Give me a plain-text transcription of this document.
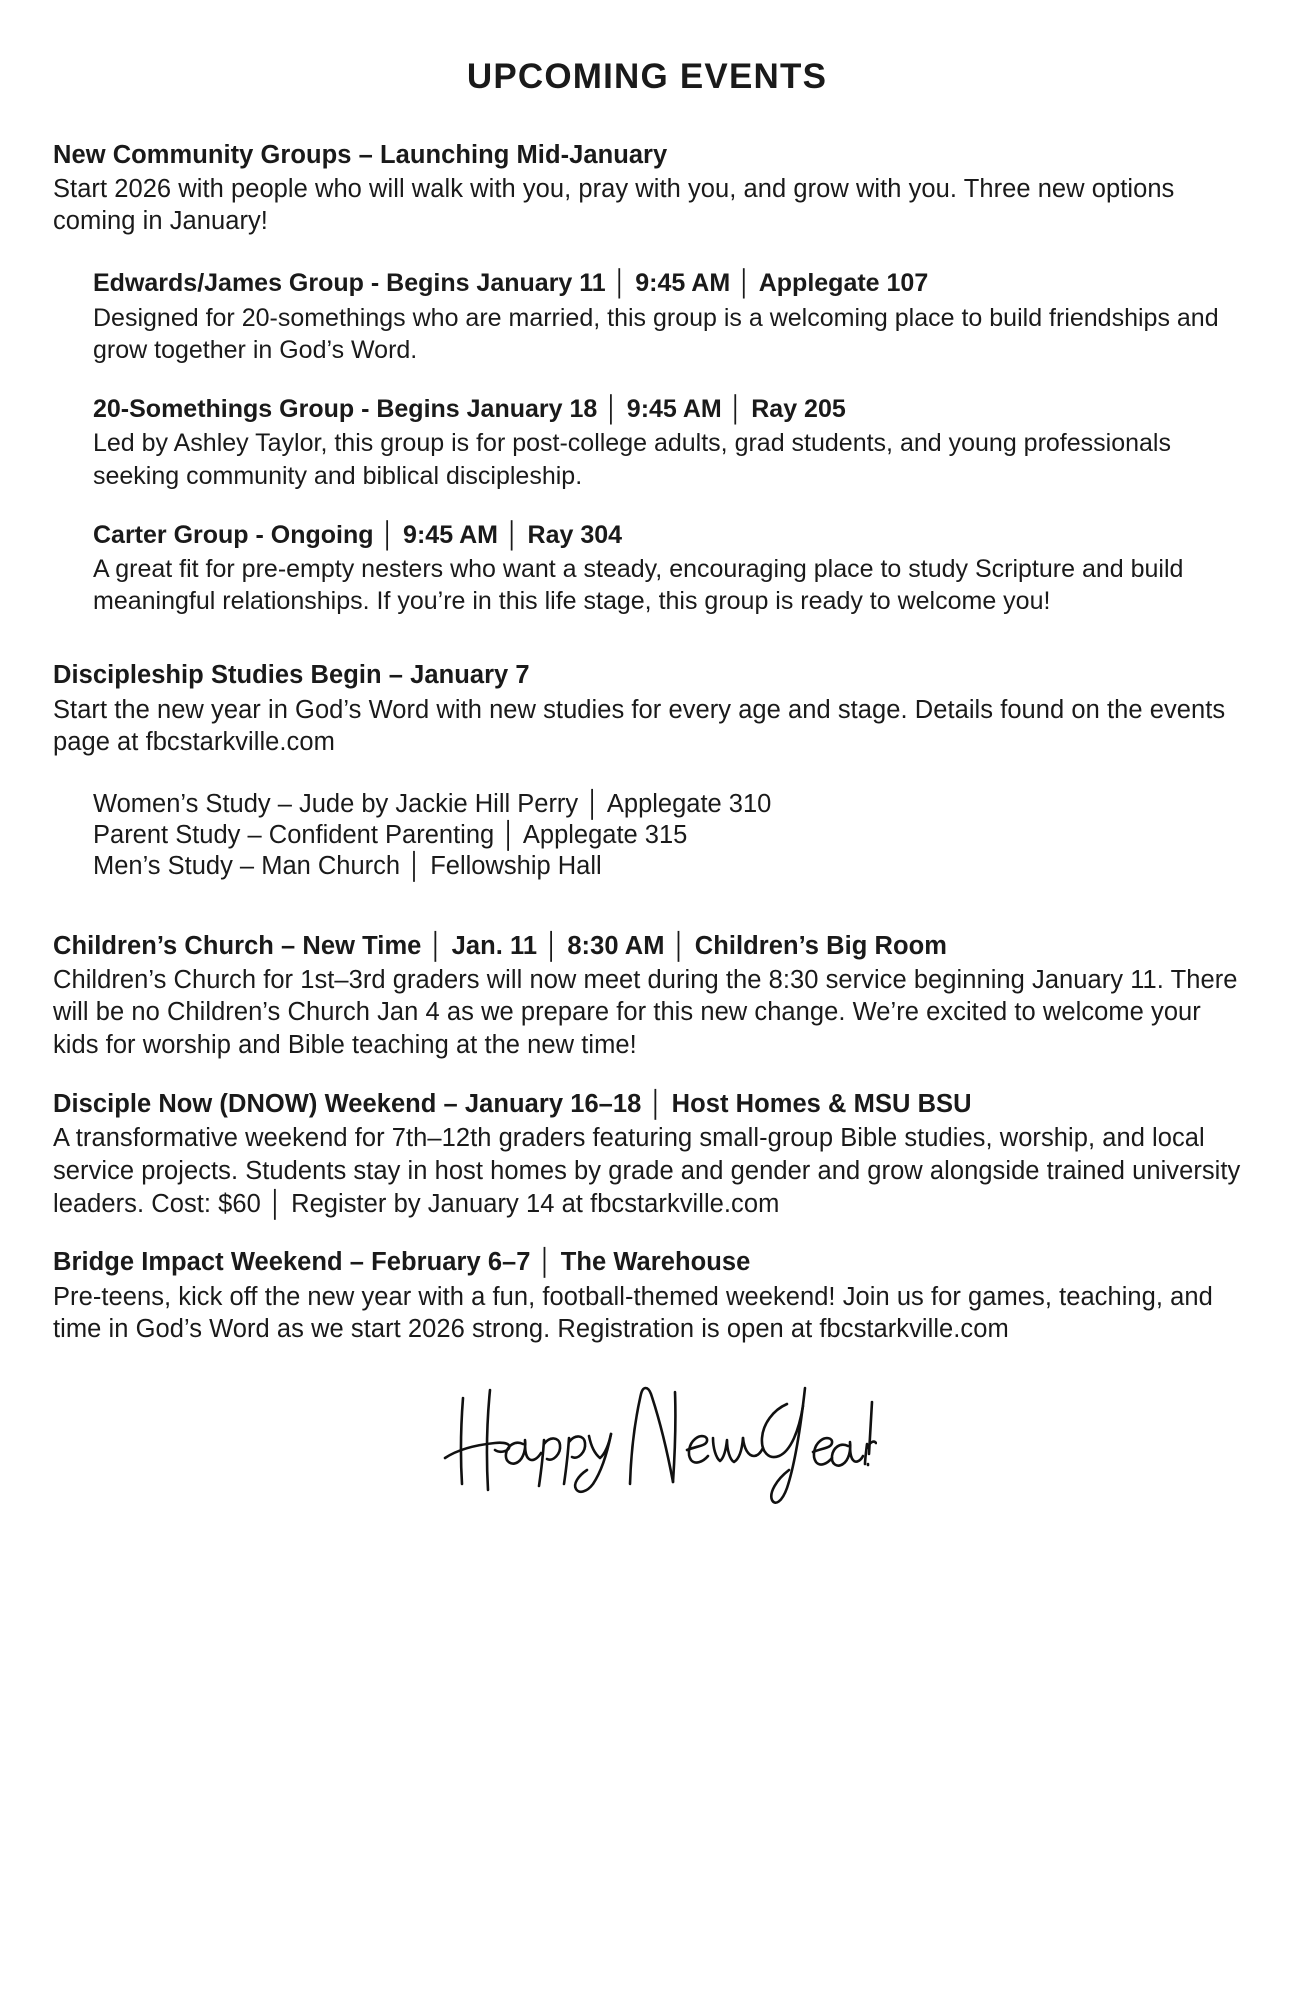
UPCOMING EVENTS
New Community Groups – Launching Mid-January
Start 2026 with people who will walk with you, pray with you, and grow with you. Three new options coming in January!
Edwards/James Group - Begins January 11 │ 9:45 AM │ Applegate 107
Designed for 20-somethings who are married, this group is a welcoming place to build friendships and grow together in God’s Word.
20-Somethings Group - Begins January 18 │ 9:45 AM │ Ray 205
Led by Ashley Taylor, this group is for post-college adults, grad students, and young professionals seeking community and biblical discipleship.
Carter Group - Ongoing │ 9:45 AM │ Ray 304
A great fit for pre-empty nesters who want a steady, encouraging place to study Scripture and build meaningful relationships. If you’re in this life stage, this group is ready to welcome you!
Discipleship Studies Begin – January 7
Start the new year in God’s Word with new studies for every age and stage. Details found on the events page at fbcstarkville.com
Women’s Study – Jude by Jackie Hill Perry │ Applegate 310
Parent Study – Confident Parenting │ Applegate 315
Men’s Study – Man Church │ Fellowship Hall
Children’s Church – New Time │ Jan. 11 │ 8:30 AM │ Children’s Big Room
Children’s Church for 1st–3rd graders will now meet during the 8:30 service beginning January 11. There will be no Children’s Church Jan 4 as we prepare for this new change. We’re excited to welcome your kids for worship and Bible teaching at the new time!
Disciple Now (DNOW) Weekend – January 16–18 │ Host Homes & MSU BSU
A transformative weekend for 7th–12th graders featuring small-group Bible studies, worship, and local service projects. Students stay in host homes by grade and gender and grow alongside trained university leaders. Cost: $60 │ Register by January 14 at fbcstarkville.com
Bridge Impact Weekend – February 6–7 │ The Warehouse
Pre-teens, kick off the new year with a fun, football-themed weekend! Join us for games, teaching, and time in God’s Word as we start 2026 strong. Registration is open at fbcstarkville.com
